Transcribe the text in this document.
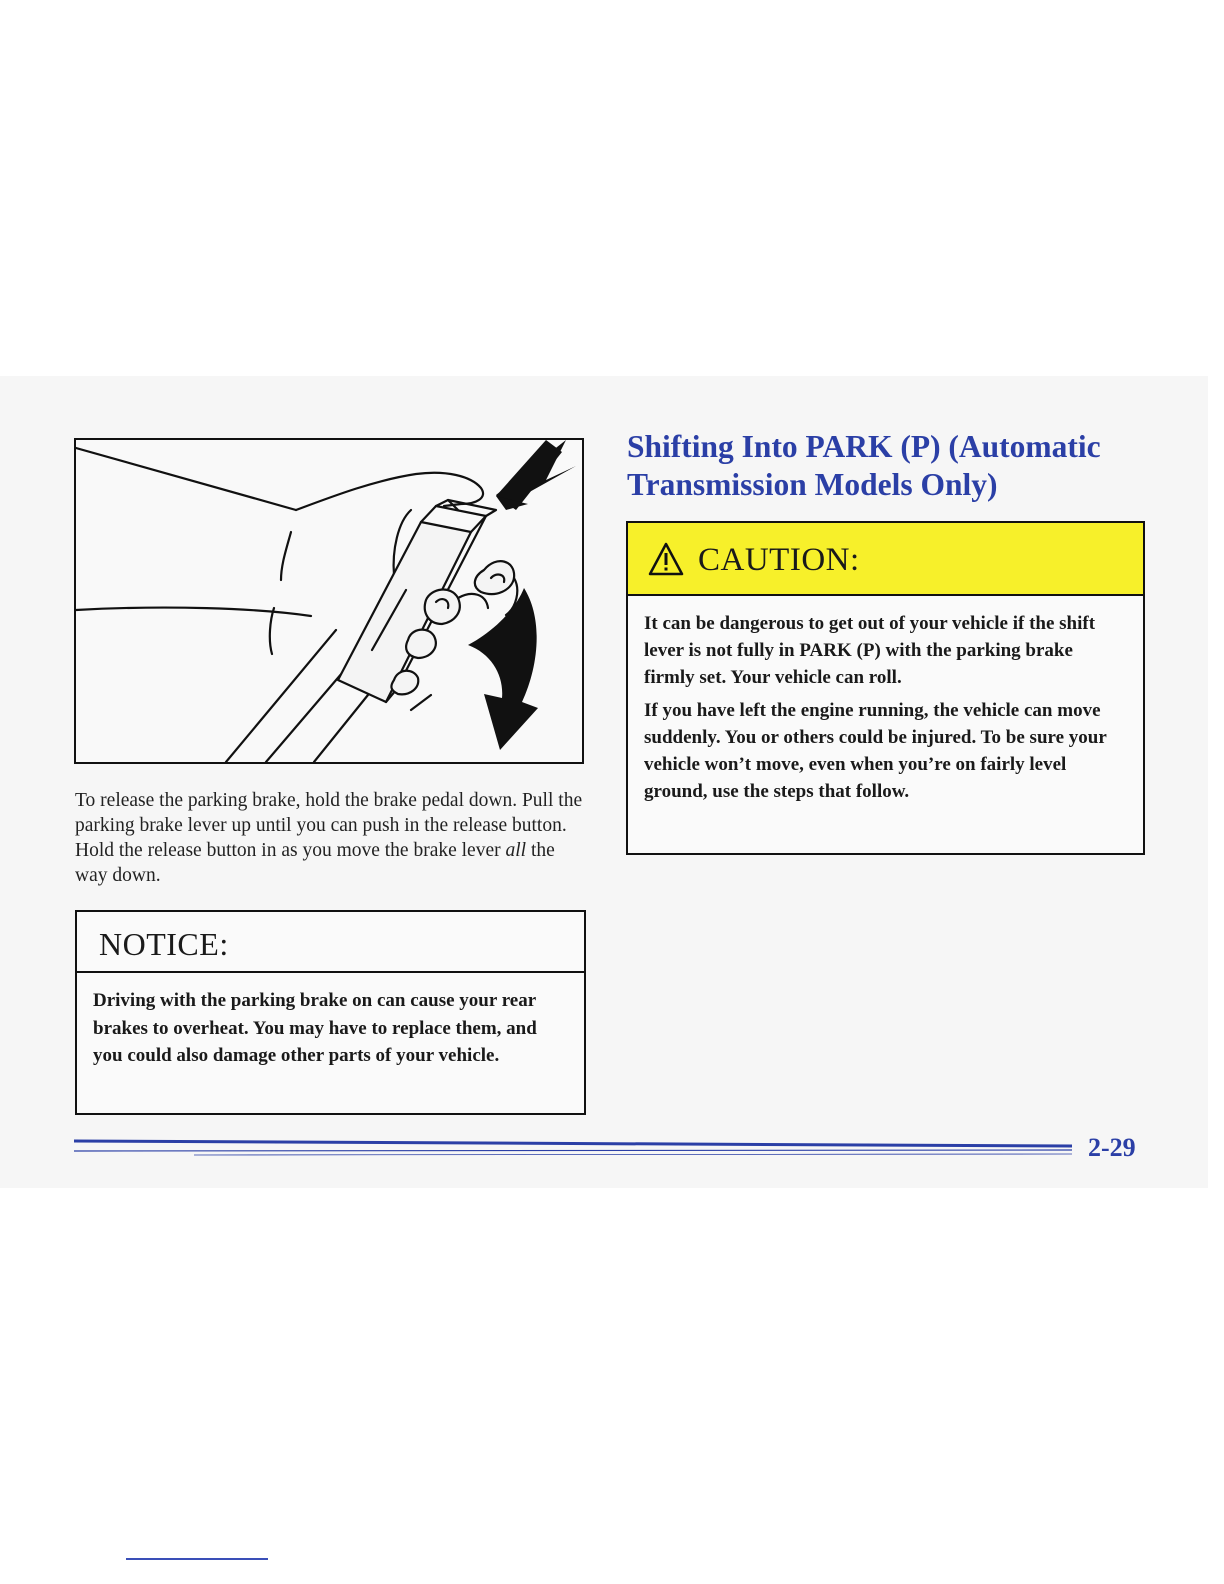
To release the parking brake, hold the brake pedal down. Pull the parking brake lever up until you can push in the release button. Hold the release button in as you move the brake lever all the way down.
NOTICE:
Driving with the parking brake on can cause your rear brakes to overheat. You may have to replace them, and you could also damage other parts of your vehicle.
Shifting Into PARK (P) (Automatic Transmission Models Only)
CAUTION:

It can be dangerous to get out of your vehicle if the shift lever is not fully in PARK (P) with the parking brake firmly set. Your vehicle can roll.

If you have left the engine running, the vehicle can move suddenly. You or others could be injured. To be sure your vehicle won’t move, even when you’re on fairly level ground, use the steps that follow.

2-29
